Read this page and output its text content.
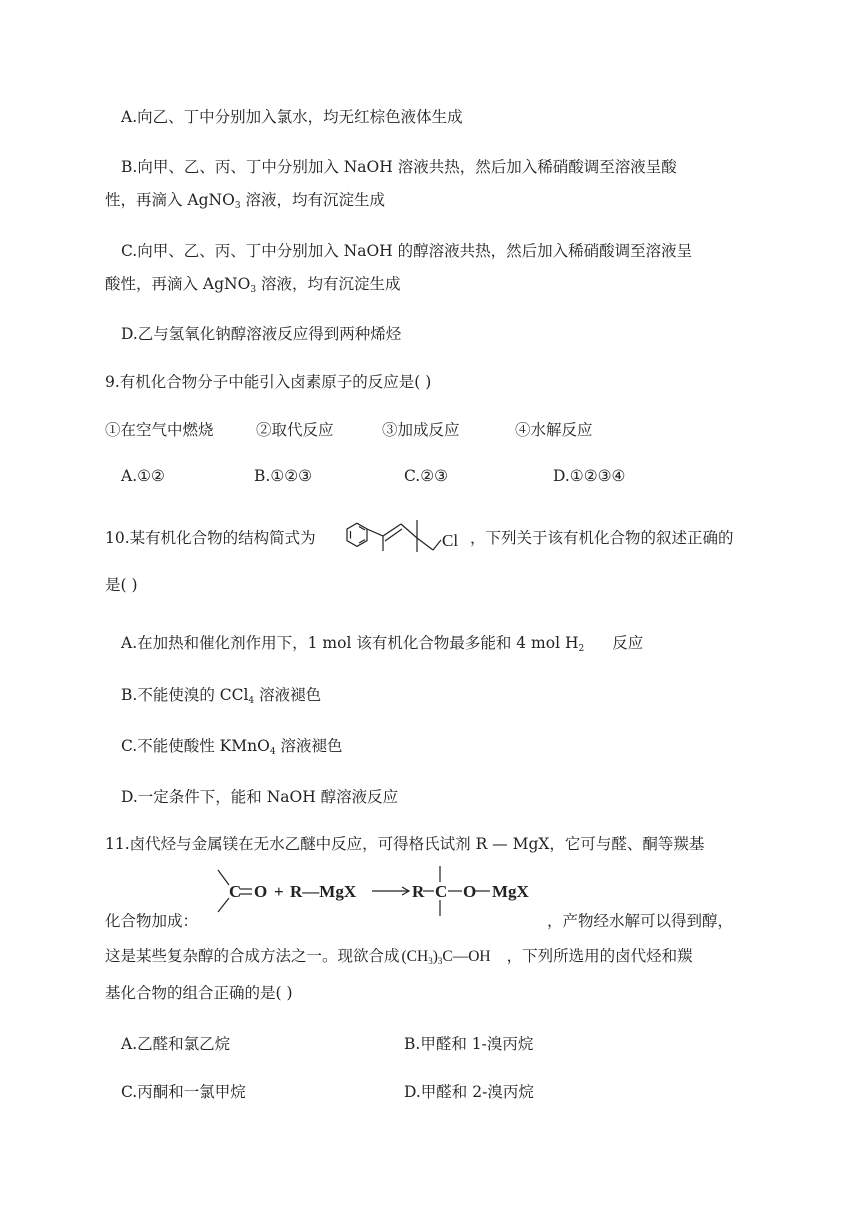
A.向乙、丁中分别加入氯水，均无红棕色液体生成
B.向甲、乙、丙、丁中分别加入 NaOH 溶液共热，然后加入稀硝酸调至溶液呈酸
性，再滴入 AgNO$_3$ 溶液，均有沉淀生成
C.向甲、乙、丙、丁中分别加入 NaOH 的醇溶液共热，然后加入稀硝酸调至溶液呈
酸性，再滴入 AgNO$_3$ 溶液，均有沉淀生成
D.乙与氢氧化钠醇溶液反应得到两种烯烃
9.有机化合物分子中能引入卤素原子的反应是( )
①在空气中燃烧	②取代反应	③加成反应	④水解反应
A.①②	B.①②③	C.②③	D.①②③④
10.某有机化合物的结构简式为	Cl ，下列关于该有机化合物的叙述正确的
是( )
A.在加热和催化剂作用下，1 mol 该有机化合物最多能和 4 mol $H_2$ 反应
B.不能使溴的 CCl$_4$ 溶液褪色
C.不能使酸性 KMnO$_4$ 溶液褪色
D.一定条件下，能和 NaOH 醇溶液反应
11.卤代烃与金属镁在无水乙醚中反应，可得格氏试剂 R — MgX，它可与醛、酮等羰基
化合物加成：
C O + R—MgX	R C O MgX
，产物经水解可以得到醇，
这是某些复杂醇的合成方法之一。现欲合成 $(CH_3)_3C—OH$ ，下列所选用的卤代烃和羰
基化合物的组合正确的是( )
A.乙醛和氯乙烷	B.甲醛和 1-溴丙烷
C.丙酮和一氯甲烷	D.甲醛和 2-溴丙烷
